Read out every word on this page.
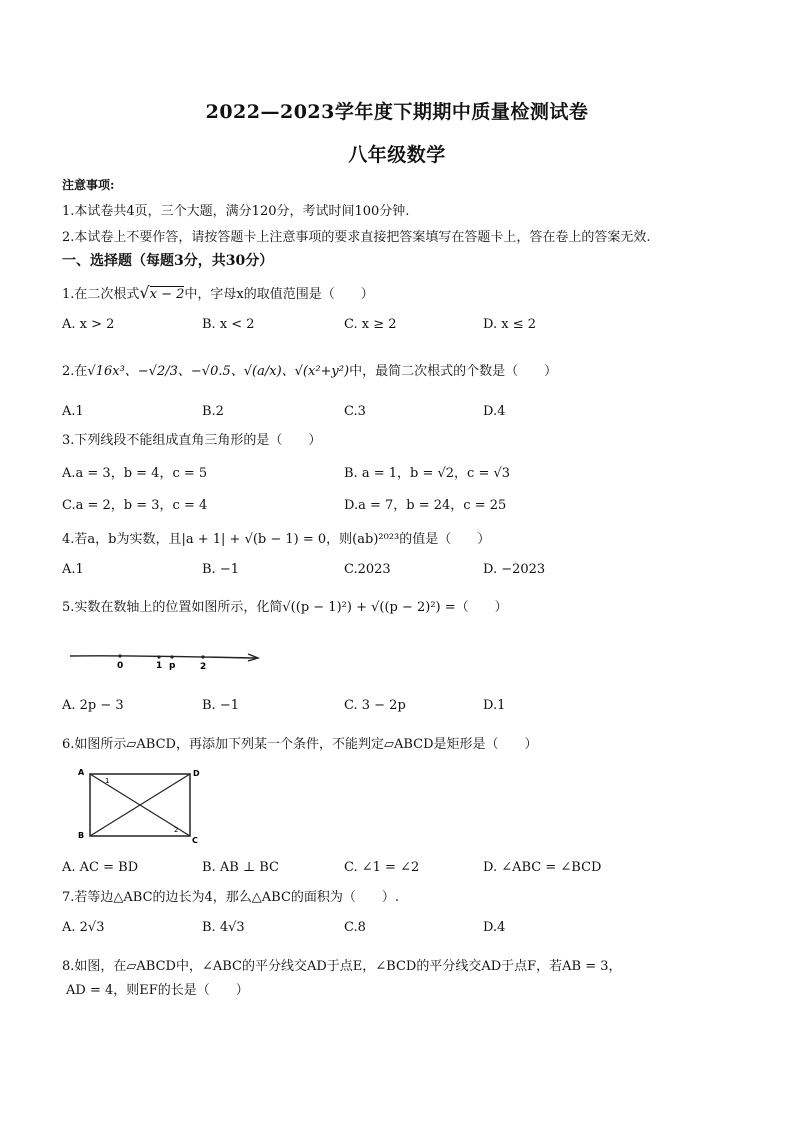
2022—2023学年度下期期中质量检测试卷
八年级数学
注意事项:
1.本试卷共4页，三个大题，满分120分，考试时间100分钟.
2.本试卷上不要作答，请按答题卡上注意事项的要求直接把答案填写在答题卡上，答在卷上的答案无效.
一、选择题（每题3分，共30分）
1.在二次根式√x − 2中，字母x的取值范围是（　　）
A. x > 2	B. x < 2	C. x ≥ 2	D. x ≤ 2
2.在√16x³、−√2/3、−√0.5、√(a/x)、√(x²+y²)中，最简二次根式的个数是（　　）
A.1	B.2	C.3	D.4
3.下列线段不能组成直角三角形的是（　　）
A.a = 3，b = 4，c = 5	B. a = 1，b = √2，c = √3
C.a = 2，b = 3，c = 4	D.a = 7，b = 24，c = 25
4.若a，b为实数，且|a + 1| + √(b − 1) = 0，则(ab)²⁰²³的值是（　　）
A.1	B. −1	C.2023	D. −2023
5.实数在数轴上的位置如图所示，化简√((p − 1)²) + √((p − 2)²) =（　　）
0	1 p	2
A. 2p − 3	B. −1	C. 3 − 2p	D.1
6.如图所示▱ABCD，再添加下列某一个条件，不能判定▱ABCD是矩形是（　　）
A	D
B
C
1
2
A. AC = BD	B. AB ⊥ BC	C. ∠1 = ∠2	D. ∠ABC = ∠BCD
7.若等边△ABC的边长为4，那么△ABC的面积为（　　）.
A. 2√3	B. 4√3	C.8	D.4
8.如图，在▱ABCD中，∠ABC的平分线交AD于点E，∠BCD的平分线交AD于点F，若AB = 3，
AD = 4，则EF的长是（　　）
